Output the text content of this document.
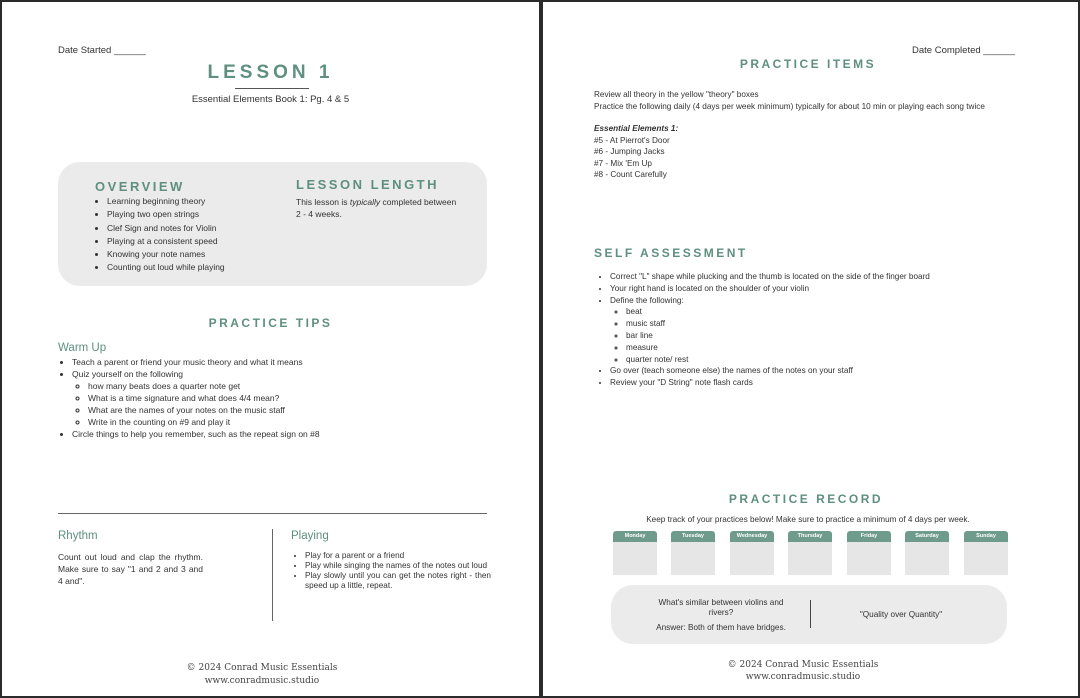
Date Started ______
LESSON 1
Essential Elements Book 1: Pg. 4 & 5
OVERVIEW
• Learning beginning theory
• Playing two open strings
• Clef Sign and notes for Violin
• Playing at a consistent speed
• Knowing your note names
• Counting out loud while playing
LESSON LENGTH
This lesson is typically completed between 2 - 4 weeks.
PRACTICE TIPS
Warm Up
• Teach a parent or friend your music theory and what it means
• Quiz yourself on the following
◦ how many beats does a quarter note get
◦ What is a time signature and what does 4/4 mean?
◦ What are the names of your notes on the music staff
◦ Write in the counting on #9 and play it
• Circle things to help you remember, such as the repeat sign on #8
Rhythm
Count out loud and clap the rhythm. Make sure to say "1 and 2 and 3 and 4 and".
Playing
• Play for a parent or a friend
• Play while singing the names of the notes out loud
• Play slowly until you can get the notes right - then speed up a little, repeat.
© 2024 Conrad Music Essentials
www.conradmusic.studio
Date Completed ______
PRACTICE ITEMS
Review all theory in the yellow "theory" boxes
Practice the following daily (4 days per week minimum) typically for about 10 min or playing each song twice
Essential Elements 1:
#5 - At Pierrot's Door
#6 - Jumping Jacks
#7 - Mix 'Em Up
#8 - Count Carefully
SELF ASSESSMENT
• Correct "L" shape while plucking and the thumb is located on the side of the finger board
• Your right hand is located on the shoulder of your violin
• Define the following:
◦ beat
◦ music staff
◦ bar line
◦ measure
◦ quarter note/ rest
• Go over (teach someone else) the names of the notes on your staff
• Review your "D String" note flash cards
PRACTICE RECORD
Keep track of your practices below! Make sure to practice a minimum of 4 days per week.
Monday	Tuesday	Wednesday	Thursday	Friday	Saturday	Sunday
What's similar between violins and rivers?
Answer: Both of them have bridges.
"Quality over Quantity"
© 2024 Conrad Music Essentials
www.conradmusic.studio
